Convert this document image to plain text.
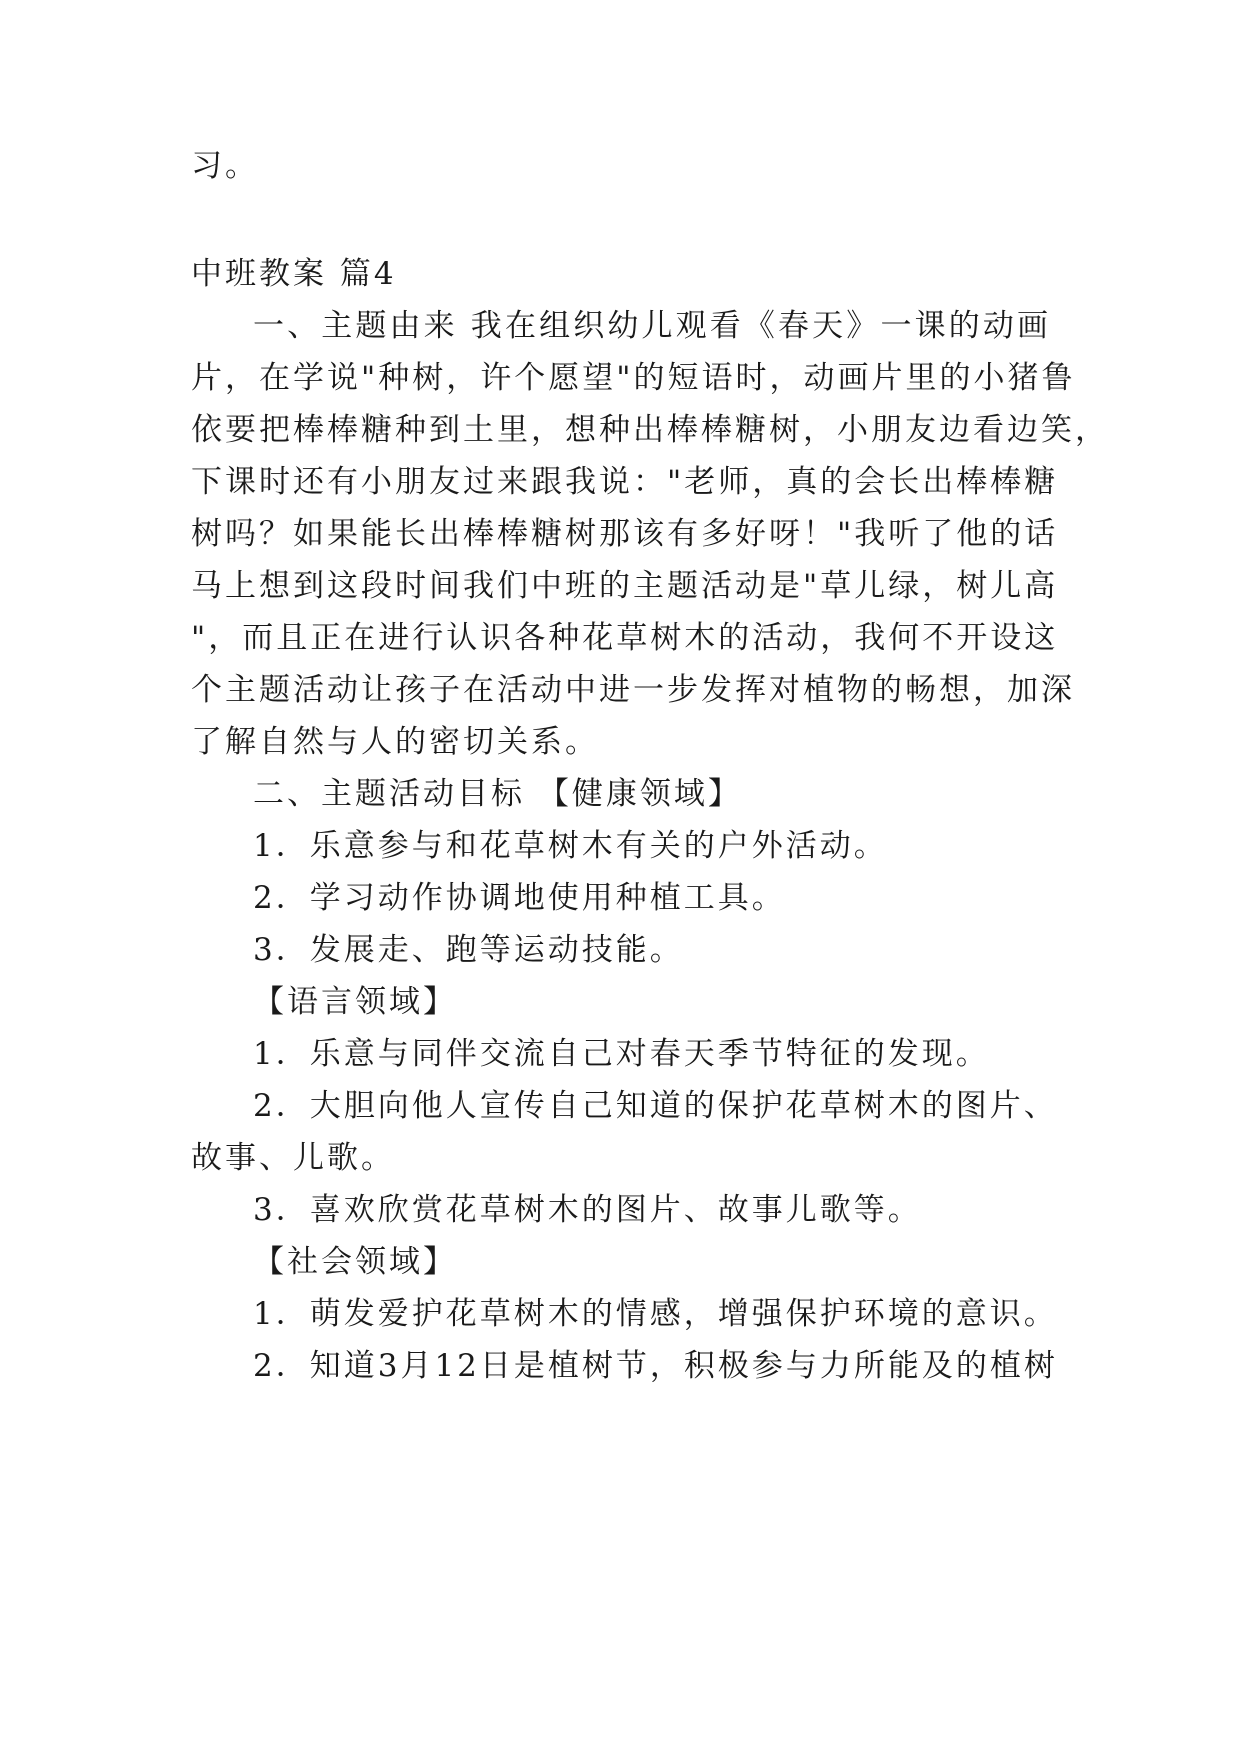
习。
中班教案 篇4
一、主题由来 我在组织幼儿观看《春天》一课的动画
片，在学说"种树，许个愿望"的短语时，动画片里的小猪鲁
依要把棒棒糖种到土里，想种出棒棒糖树，小朋友边看边笑，
下课时还有小朋友过来跟我说："老师，真的会长出棒棒糖
树吗？如果能长出棒棒糖树那该有多好呀！"我听了他的话
马上想到这段时间我们中班的主题活动是"草儿绿，树儿高
"，而且正在进行认识各种花草树木的活动，我何不开设这
个主题活动让孩子在活动中进一步发挥对植物的畅想，加深
了解自然与人的密切关系。
二、主题活动目标 【健康领域】
1．乐意参与和花草树木有关的户外活动。
2．学习动作协调地使用种植工具。
3．发展走、跑等运动技能。
【语言领域】
1．乐意与同伴交流自己对春天季节特征的发现。
2．大胆向他人宣传自己知道的保护花草树木的图片、
故事、儿歌。
3．喜欢欣赏花草树木的图片、故事儿歌等。
【社会领域】
1．萌发爱护花草树木的情感，增强保护环境的意识。
2．知道3月12日是植树节，积极参与力所能及的植树
